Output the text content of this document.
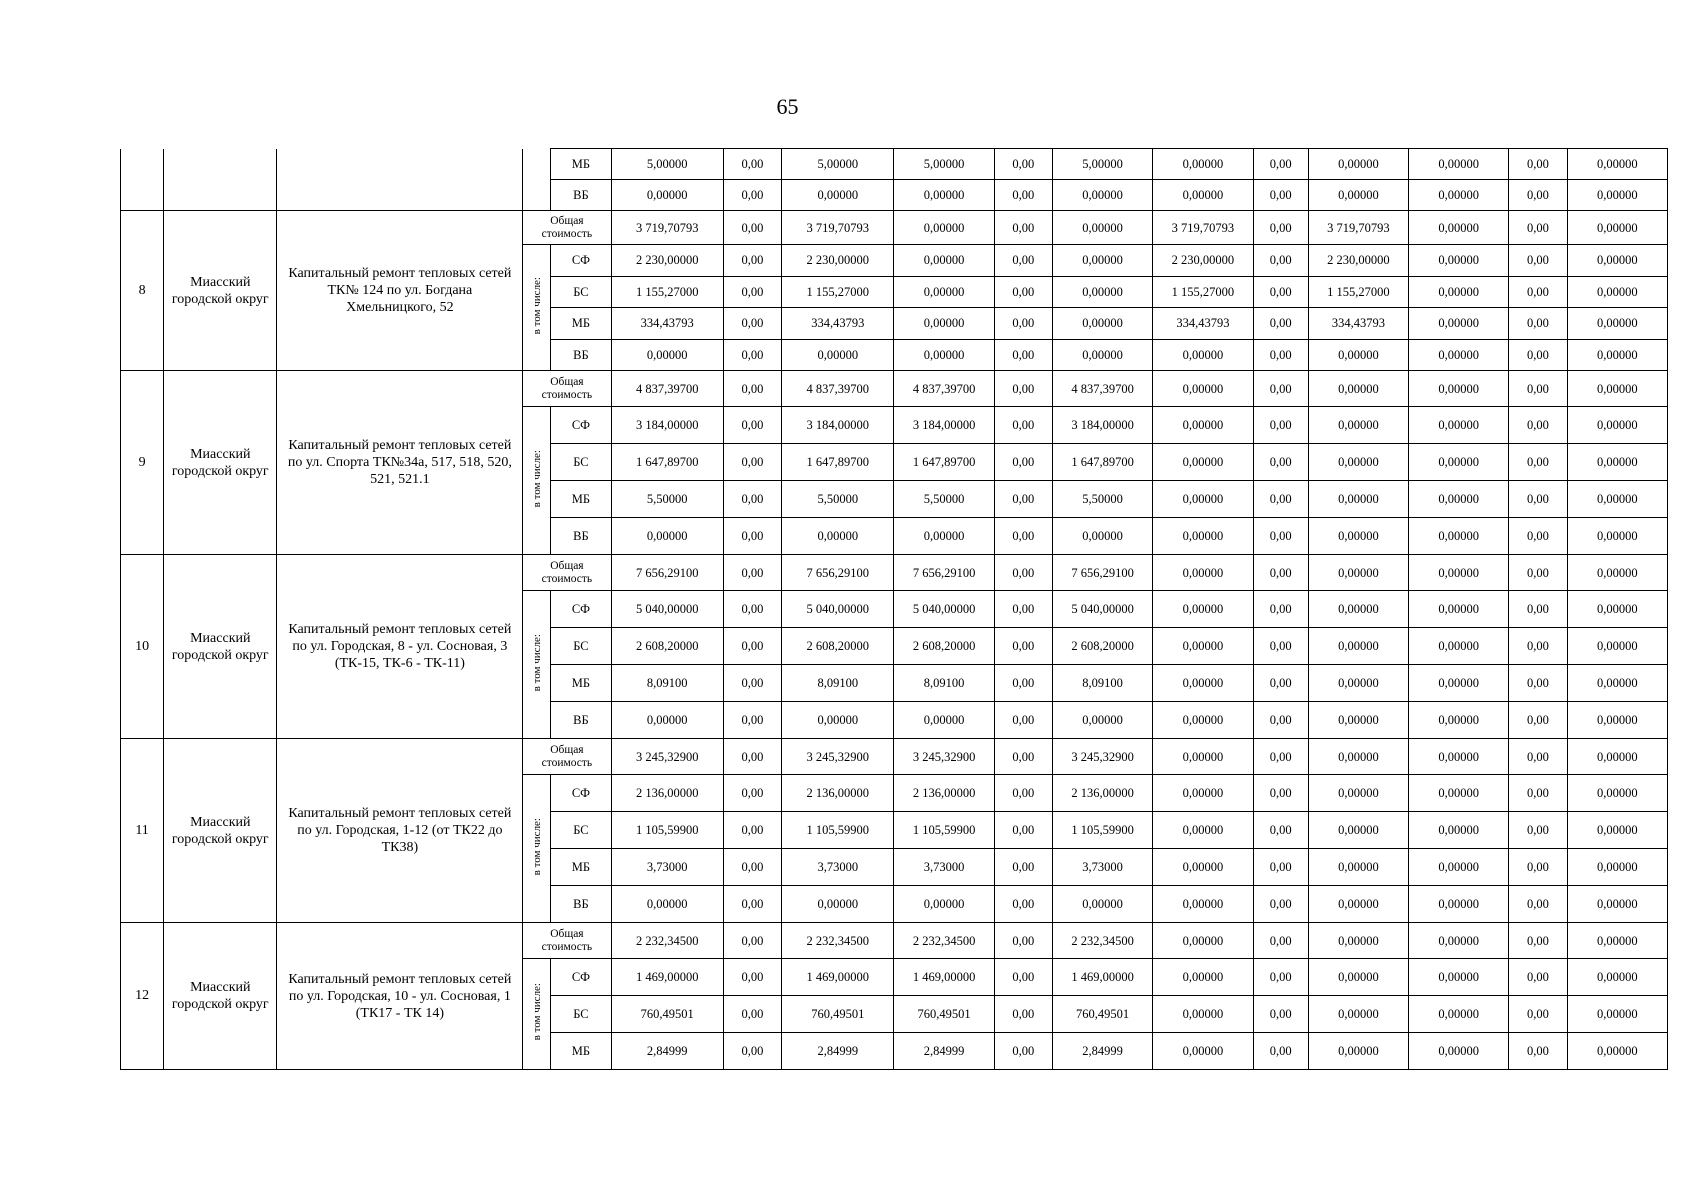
65
				МБ	5,00000	0,00	5,00000	5,00000	0,00	5,00000	0,00000	0,00	0,00000	0,00000	0,00	0,00000
				ВБ	0,00000	0,00	0,00000	0,00000	0,00	0,00000	0,00000	0,00	0,00000	0,00000	0,00	0,00000
8	Миасский городской округ	Капитальный ремонт тепловых сетей ТК№ 124 по ул. Богдана Хмельницкого, 52	Общая стоимость		3 719,70793	0,00	3 719,70793	0,00000	0,00	0,00000	3 719,70793	0,00	3 719,70793	0,00000	0,00	0,00000
			в том числе:	СФ	2 230,00000	0,00	2 230,00000	0,00000	0,00	0,00000	2 230,00000	0,00	2 230,00000	0,00000	0,00	0,00000
				БС	1 155,27000	0,00	1 155,27000	0,00000	0,00	0,00000	1 155,27000	0,00	1 155,27000	0,00000	0,00	0,00000
				МБ	334,43793	0,00	334,43793	0,00000	0,00	0,00000	334,43793	0,00	334,43793	0,00000	0,00	0,00000
				ВБ	0,00000	0,00	0,00000	0,00000	0,00	0,00000	0,00000	0,00	0,00000	0,00000	0,00	0,00000
9	Миасский городской округ	Капитальный ремонт тепловых сетей по ул. Спорта ТК№34а, 517, 518, 520, 521, 521.1	Общая стоимость		4 837,39700	0,00	4 837,39700	4 837,39700	0,00	4 837,39700	0,00000	0,00	0,00000	0,00000	0,00	0,00000
			в том числе:	СФ	3 184,00000	0,00	3 184,00000	3 184,00000	0,00	3 184,00000	0,00000	0,00	0,00000	0,00000	0,00	0,00000
				БС	1 647,89700	0,00	1 647,89700	1 647,89700	0,00	1 647,89700	0,00000	0,00	0,00000	0,00000	0,00	0,00000
				МБ	5,50000	0,00	5,50000	5,50000	0,00	5,50000	0,00000	0,00	0,00000	0,00000	0,00	0,00000
				ВБ	0,00000	0,00	0,00000	0,00000	0,00	0,00000	0,00000	0,00	0,00000	0,00000	0,00	0,00000
10	Миасский городской округ	Капитальный ремонт тепловых сетей по ул. Городская, 8 - ул. Сосновая, 3 (ТК-15, ТК-6 - ТК-11)	Общая стоимость		7 656,29100	0,00	7 656,29100	7 656,29100	0,00	7 656,29100	0,00000	0,00	0,00000	0,00000	0,00	0,00000
			в том числе:	СФ	5 040,00000	0,00	5 040,00000	5 040,00000	0,00	5 040,00000	0,00000	0,00	0,00000	0,00000	0,00	0,00000
				БС	2 608,20000	0,00	2 608,20000	2 608,20000	0,00	2 608,20000	0,00000	0,00	0,00000	0,00000	0,00	0,00000
				МБ	8,09100	0,00	8,09100	8,09100	0,00	8,09100	0,00000	0,00	0,00000	0,00000	0,00	0,00000
				ВБ	0,00000	0,00	0,00000	0,00000	0,00	0,00000	0,00000	0,00	0,00000	0,00000	0,00	0,00000
11	Миасский городской округ	Капитальный ремонт тепловых сетей по ул. Городская, 1-12 (от ТК22 до ТК38)	Общая стоимость		3 245,32900	0,00	3 245,32900	3 245,32900	0,00	3 245,32900	0,00000	0,00	0,00000	0,00000	0,00	0,00000
			в том числе:	СФ	2 136,00000	0,00	2 136,00000	2 136,00000	0,00	2 136,00000	0,00000	0,00	0,00000	0,00000	0,00	0,00000
				БС	1 105,59900	0,00	1 105,59900	1 105,59900	0,00	1 105,59900	0,00000	0,00	0,00000	0,00000	0,00	0,00000
				МБ	3,73000	0,00	3,73000	3,73000	0,00	3,73000	0,00000	0,00	0,00000	0,00000	0,00	0,00000
				ВБ	0,00000	0,00	0,00000	0,00000	0,00	0,00000	0,00000	0,00	0,00000	0,00000	0,00	0,00000
12	Миасский городской округ	Капитальный ремонт тепловых сетей по ул. Городская, 10 - ул. Сосновая, 1 (ТК17 - ТК 14)	Общая стоимость		2 232,34500	0,00	2 232,34500	2 232,34500	0,00	2 232,34500	0,00000	0,00	0,00000	0,00000	0,00	0,00000
			в том числе:	СФ	1 469,00000	0,00	1 469,00000	1 469,00000	0,00	1 469,00000	0,00000	0,00	0,00000	0,00000	0,00	0,00000
				БС	760,49501	0,00	760,49501	760,49501	0,00	760,49501	0,00000	0,00	0,00000	0,00000	0,00	0,00000
				МБ	2,84999	0,00	2,84999	2,84999	0,00	2,84999	0,00000	0,00	0,00000	0,00000	0,00	0,00000
